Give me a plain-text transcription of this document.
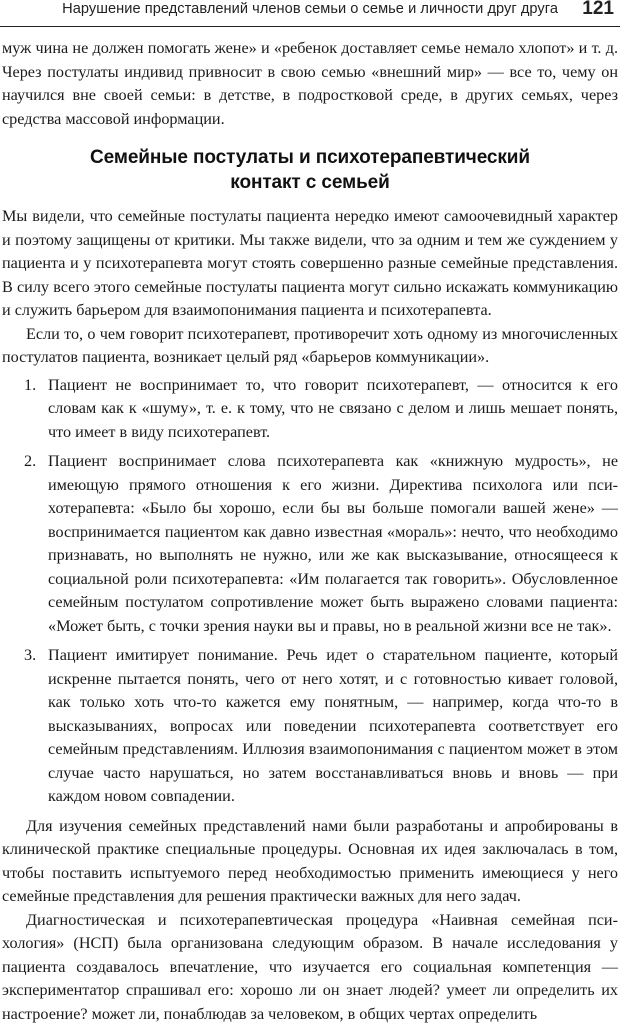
Нарушение представлений членов семьи о семье и личности друг друга 121

муж чина не должен помогать жене» и «ребенок доставляет семье немало хлопот» и т. д. Через постулаты индивид привносит в свою семью «внешний мир» — все то, чему он научился вне своей семьи: в детстве, в подростковой среде, в других семьях, через средства массовой информации.

Семейные постулаты и психотерапевтический
контакт с семьей

Мы видели, что семейные постулаты пациента нередко имеют самоочевидный характер и поэтому защищены от критики. Мы также видели, что за одним и тем же суждением у пациента и у психотерапевта могут стоять совершенно разные семейные представления. В силу всего этого семейные постулаты пациента могут сильно искажать коммуникацию и служить барьером для взаимопонимания пациента и психотерапевта.

Если то, о чем говорит психотерапевт, противоречит хоть одному из многочисленных постулатов пациента, возникает целый ряд «барьеров коммуникации».

1. Пациент не воспринимает то, что говорит психотерапевт, — относится к его словам как к «шуму», т. е. к тому, что не связано с делом и лишь мешает понять, что имеет в виду психотерапевт.
2. Пациент воспринимает слова психотерапевта как «книжную мудрость», не имеющую прямого отношения к его жизни. Директива психолога или психотерапевта: «Было бы хорошо, если бы вы больше помогали вашей жене» — воспринимается пациентом как давно известная «мораль»: нечто, что необходимо признавать, но выполнять не нужно, или же как высказывание, относящееся к социальной роли психотерапевта: «Им полагается так говорить». Обусловленное семейным постулатом сопротивление может быть выражено словами пациента: «Может быть, с точки зрения науки вы и правы, но в реальной жизни все не так».
3. Пациент имитирует понимание. Речь идет о старательном пациенте, который искренне пытается понять, чего от него хотят, и с готовностью кивает головой, как только хоть что-то кажется ему понятным, — например, когда что-то в высказываниях, вопросах или поведении психотерапевта соответствует его семейным представлениям. Иллюзия взаимопонимания с пациентом может в этом случае часто нарушаться, но затем восстанавливаться вновь и вновь — при каждом новом совпадении.

Для изучения семейных представлений нами были разработаны и апробированы в клинической практике специальные процедуры. Основная их идея заключалась в том, чтобы поставить испытуемого перед необходимостью применить имеющиеся у него семейные представления для решения практически важных для него задач.

Диагностическая и психотерапевтическая процедура «Наивная семейная психология» (НСП) была организована следующим образом. В начале исследования у пациента создавалось впечатление, что изучается его социальная компетенция — экспериментатор спрашивал его: хорошо ли он знает людей? умеет ли определить их настроение? может ли, понаблюдав за человеком, в общих чертах определить
